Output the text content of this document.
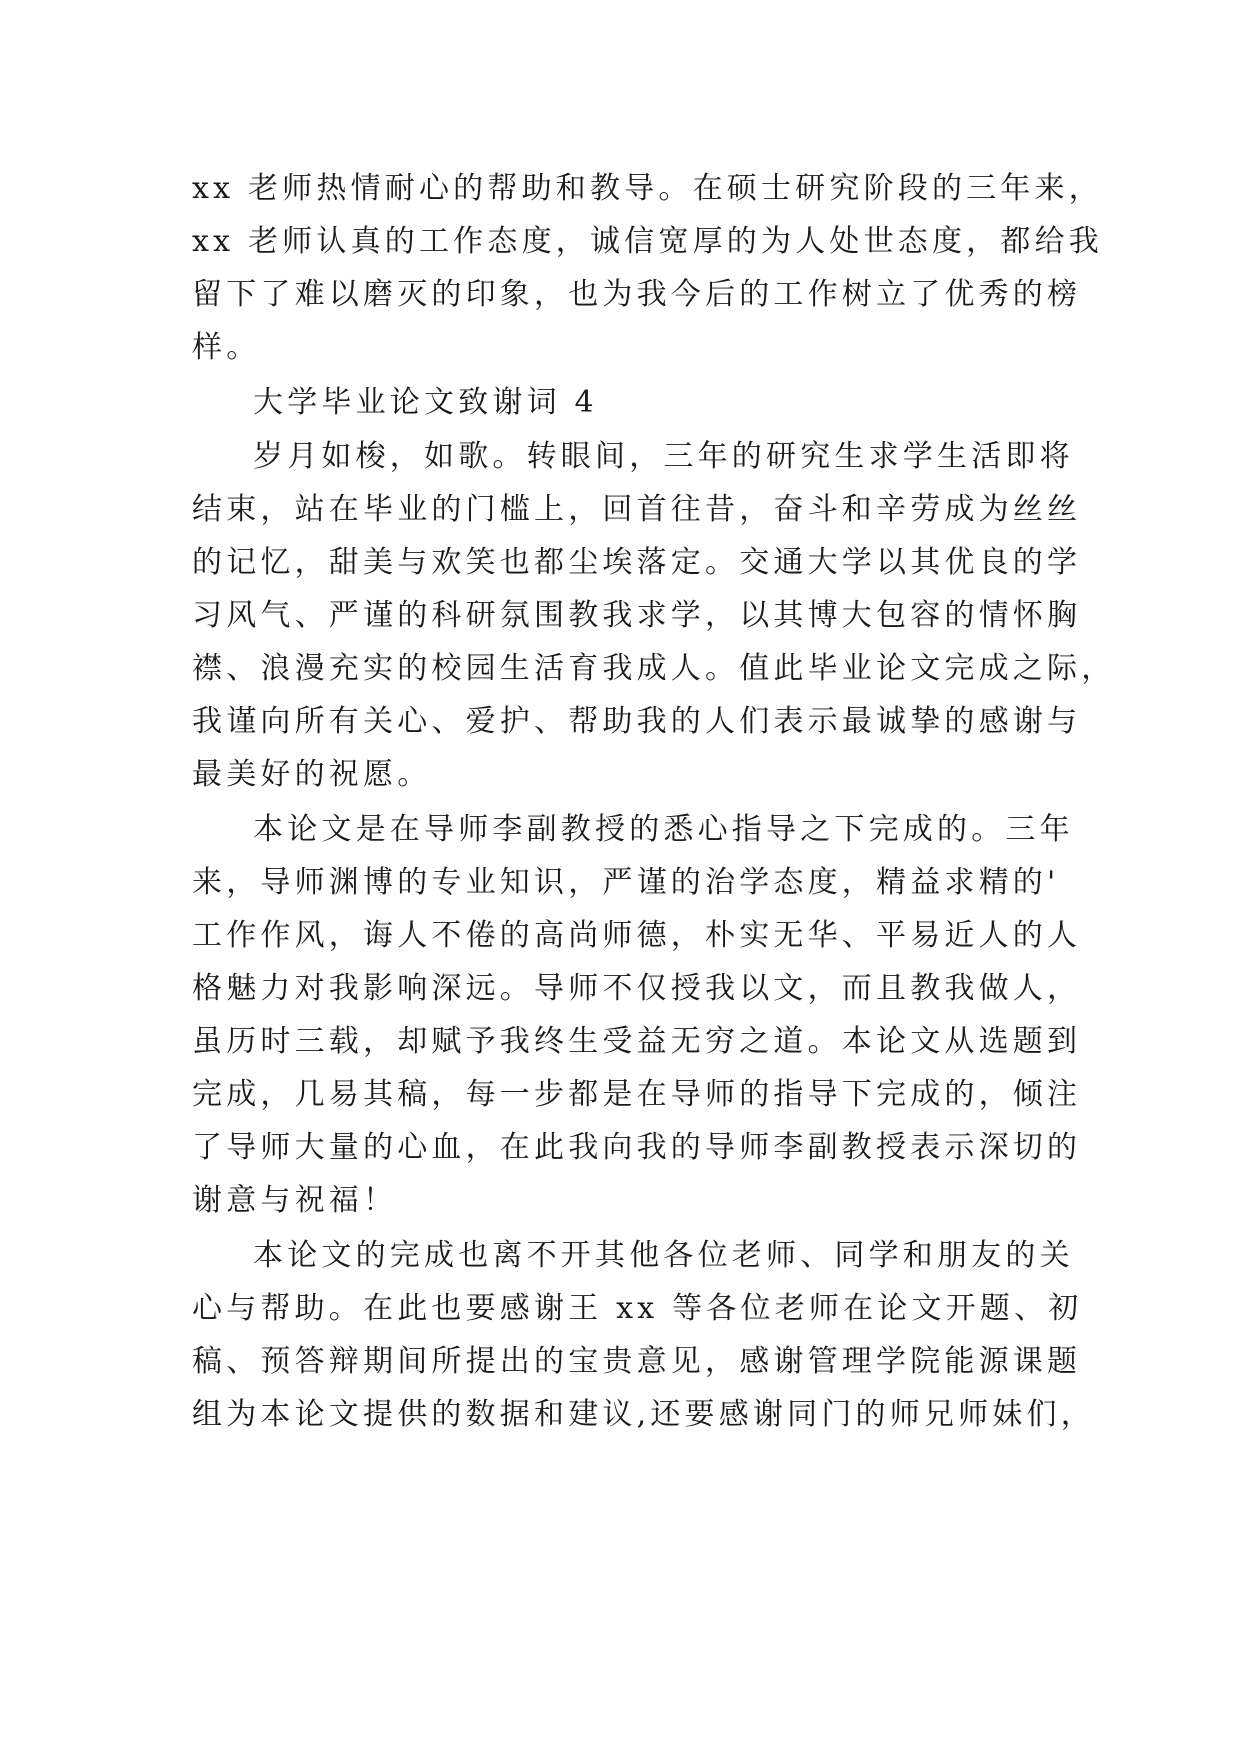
xx 老师热情耐心的帮助和教导。在硕士研究阶段的三年来，
xx 老师认真的工作态度，诚信宽厚的为人处世态度，都给我
留下了难以磨灭的印象，也为我今后的工作树立了优秀的榜
样。
大学毕业论文致谢词 4
岁月如梭，如歌。转眼间，三年的研究生求学生活即将
结束，站在毕业的门槛上，回首往昔，奋斗和辛劳成为丝丝
的记忆，甜美与欢笑也都尘埃落定。交通大学以其优良的学
习风气、严谨的科研氛围教我求学，以其博大包容的情怀胸
襟、浪漫充实的校园生活育我成人。值此毕业论文完成之际，
我谨向所有关心、爱护、帮助我的人们表示最诚挚的感谢与
最美好的祝愿。
本论文是在导师李副教授的悉心指导之下完成的。三年
来，导师渊博的专业知识，严谨的治学态度，精益求精的'
工作作风，诲人不倦的高尚师德，朴实无华、平易近人的人
格魅力对我影响深远。导师不仅授我以文，而且教我做人，
虽历时三载，却赋予我终生受益无穷之道。本论文从选题到
完成，几易其稿，每一步都是在导师的指导下完成的，倾注
了导师大量的心血，在此我向我的导师李副教授表示深切的
谢意与祝福！
本论文的完成也离不开其他各位老师、同学和朋友的关
心与帮助。在此也要感谢王 xx 等各位老师在论文开题、初
稿、预答辩期间所提出的宝贵意见，感谢管理学院能源课题
组为本论文提供的数据和建议,还要感谢同门的师兄师妹们，
